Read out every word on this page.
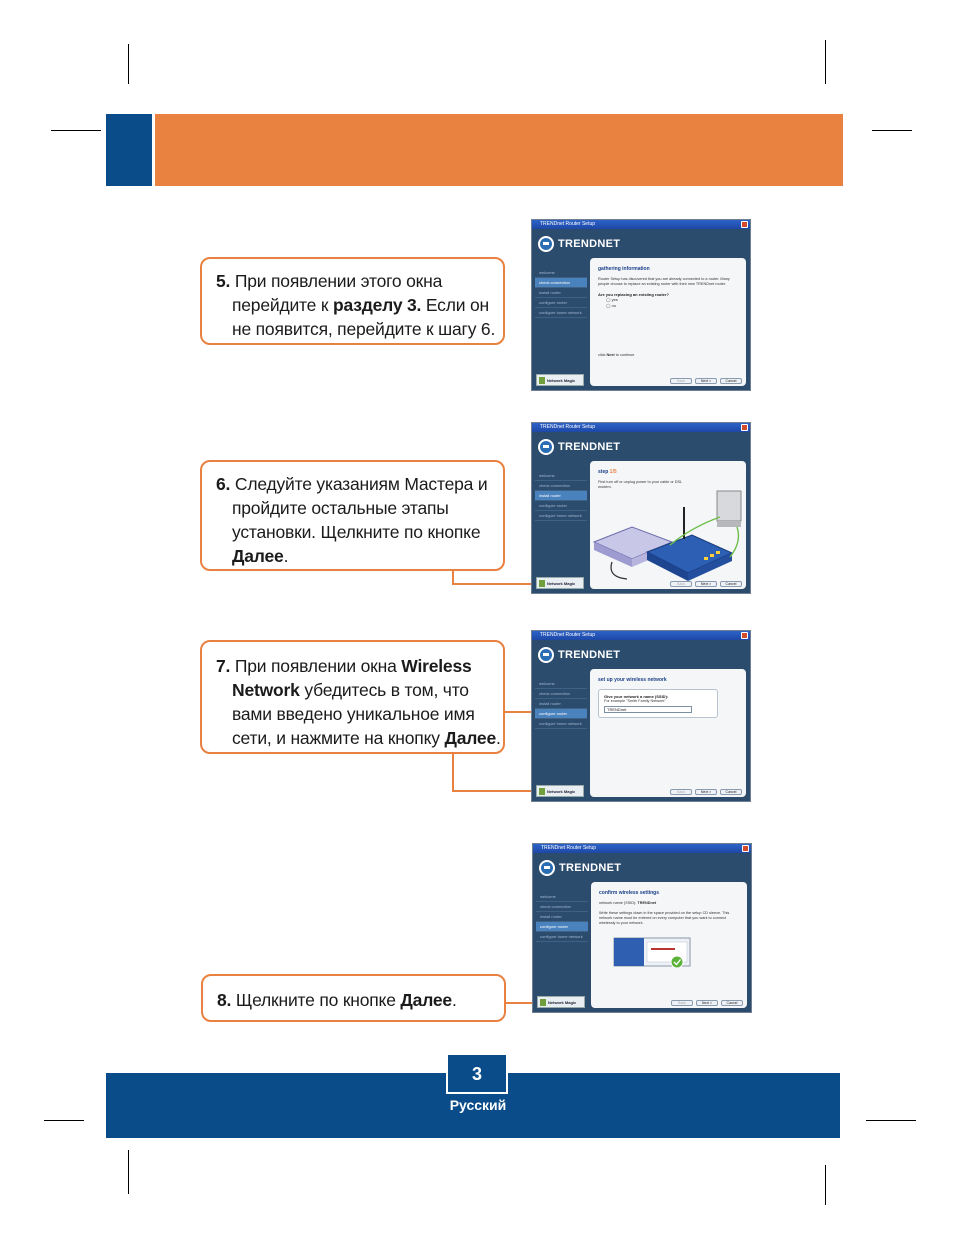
5. При появлении этого окна
перейдите к разделу 3. Если он
не появится, перейдите к шагу 6.
TRENDnet Router Setup
TRENDNET
welcome
check connection
install router
configure router
configure home network
Network Magic
gathering information
Router Setup has discovered that you are already connected to a router. Many people choose to replace an existing router with their new TRENDnet router.
Are you replacing an existing router?
◯ yes
◯ no
click Next to continue
Back	Next >	Cancel
6. Следуйте указаниям Мастера и
пройдите остальные этапы
установки. Щелкните по кнопке
Далее.
TRENDnet Router Setup
TRENDNET
welcome
check connection
install router
configure router
configure home network
Network Magic
step 1/5
First turn off or unplug power to your cable or DSL modem.
Back	Next >	Cancel
7. При появлении окна Wireless
Network убедитесь в том, что
вами введено уникальное имя
сети, и нажмите на кнопку Далее.
TRENDnet Router Setup
TRENDNET
welcome
check connection
install router
configure router
configure home network
Network Magic
set up your wireless network
Give your network a name (SSID):
For example "Smith Family Network"
TRENDnet
Back	Next >	Cancel
8. Щелкните по кнопке Далее.
TRENDnet Router Setup
TRENDNET
welcome
check connection
install router
configure router
configure home network
Network Magic
confirm wireless settings
network name (SSID): TRENDnet
Write these settings down in the space provided on the setup CD sleeve. This network name must be entered on every computer that you want to connect wirelessly to your network.
Back	Next >	Cancel
3
Русский
